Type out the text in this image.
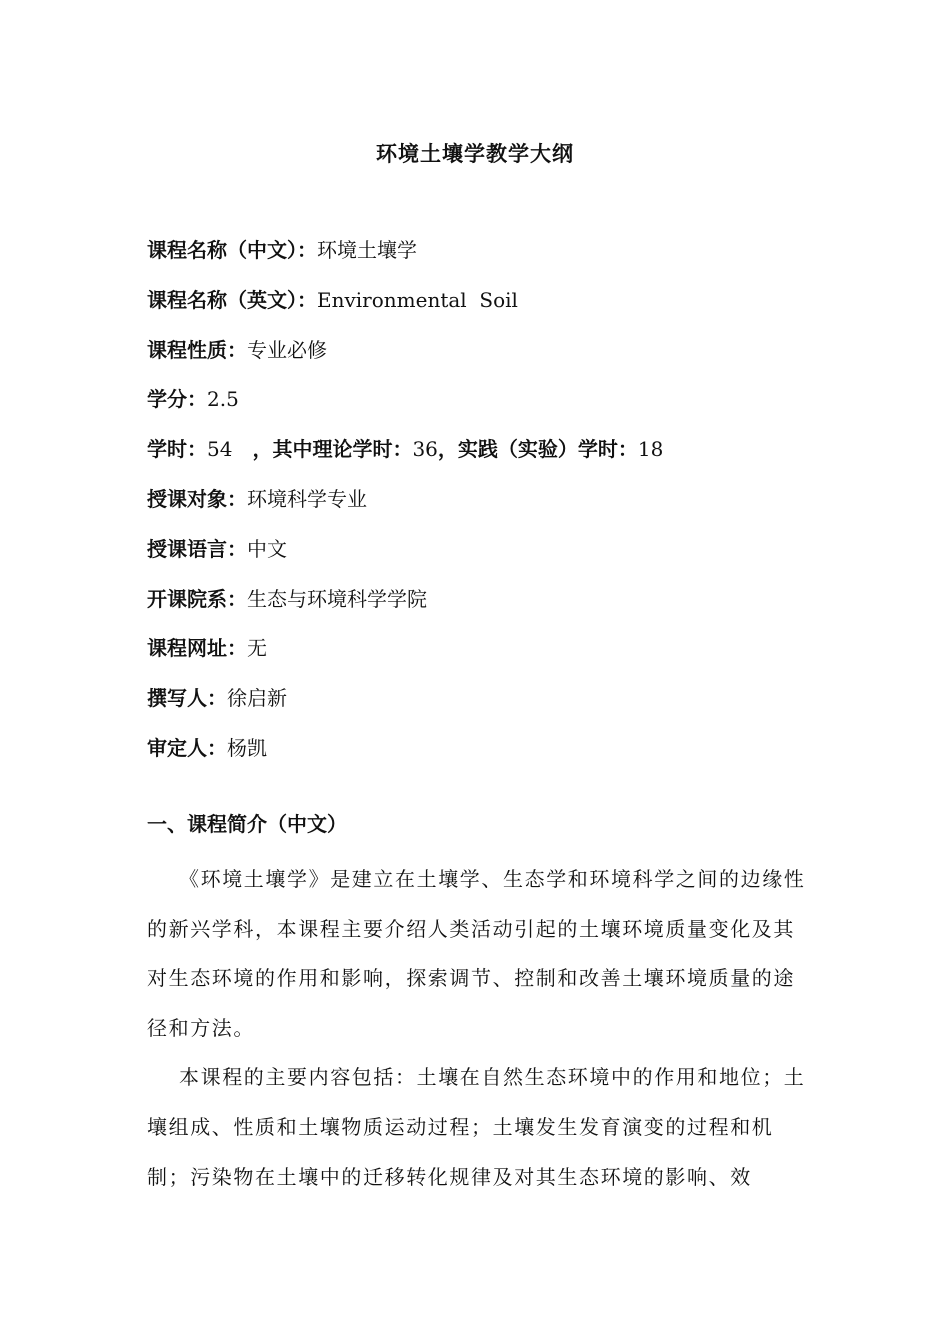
环境土壤学教学大纲
课程名称（中文）：环境土壤学
课程名称（英文）：Environmental  Soil
课程性质：专业必修
学分：2.5
学时：54 ，其中理论学时：36，实践（实验）学时：18
授课对象：环境科学专业
授课语言：中文
开课院系：生态与环境科学学院
课程网址：无
撰写人：徐启新
审定人：杨凯
一、课程简介（中文）

《环境土壤学》是建立在土壤学、生态学和环境科学之间的边缘性的新兴学科，本课程主要介绍人类活动引起的土壤环境质量变化及其对生态环境的作用和影响，探索调节、控制和改善土壤环境质量的途径和方法。

本课程的主要内容包括：土壤在自然生态环境中的作用和地位；土壤组成、性质和土壤物质运动过程；土壤发生发育演变的过程和机制；污染物在土壤中的迁移转化规律及对其生态环境的影响、效
